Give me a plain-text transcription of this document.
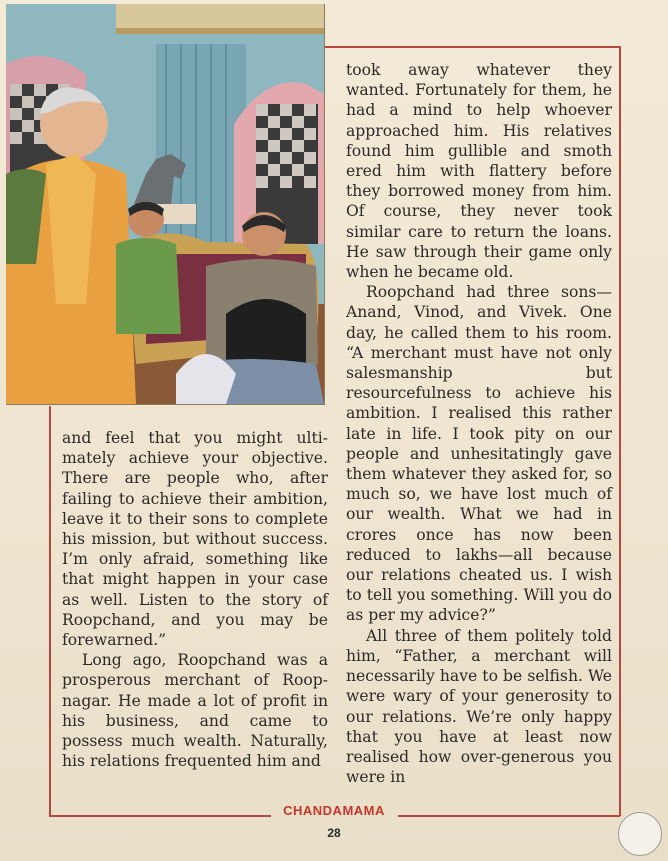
took away whatever they wanted. Fortunately for them, he had a mind to help whoever approached him. His relatives found him gullible and smoth ered him with flattery before they borrowed money from him. Of course, they never took similar care to return the loans. He saw through their game only when he became old.

Roopchand had three sons— Anand, Vinod, and Vivek. One day, he called them to his room. “A merchant must have not only salesmanship but resourcefulness to achieve his ambition. I realised this rather late in life. I took pity on our people and unhesitatingly gave them whatever they asked for, so much so, we have lost much of our wealth. What we had in crores once has now been reduced to lakhs—all because our relations cheated us. I wish to tell you something. Will you do as per my advice?”

All three of them politely told him, “Father, a merchant will necessarily have to be selfish. We were wary of your generosity to our relations. We’re only happy that you have at least now realised how over-generous you were in

and feel that you might ulti- mately achieve your objective. There are people who, after failing to achieve their ambition, leave it to their sons to complete his mission, but without success. I’m only afraid, something like that might happen in your case as well. Listen to the story of Roopchand, and you may be forewarned.”

Long ago, Roopchand was a prosperous merchant of Roop- nagar. He made a lot of profit in his business, and came to possess much wealth. Naturally, his relations frequented him and

CHANDAMAMA
28
